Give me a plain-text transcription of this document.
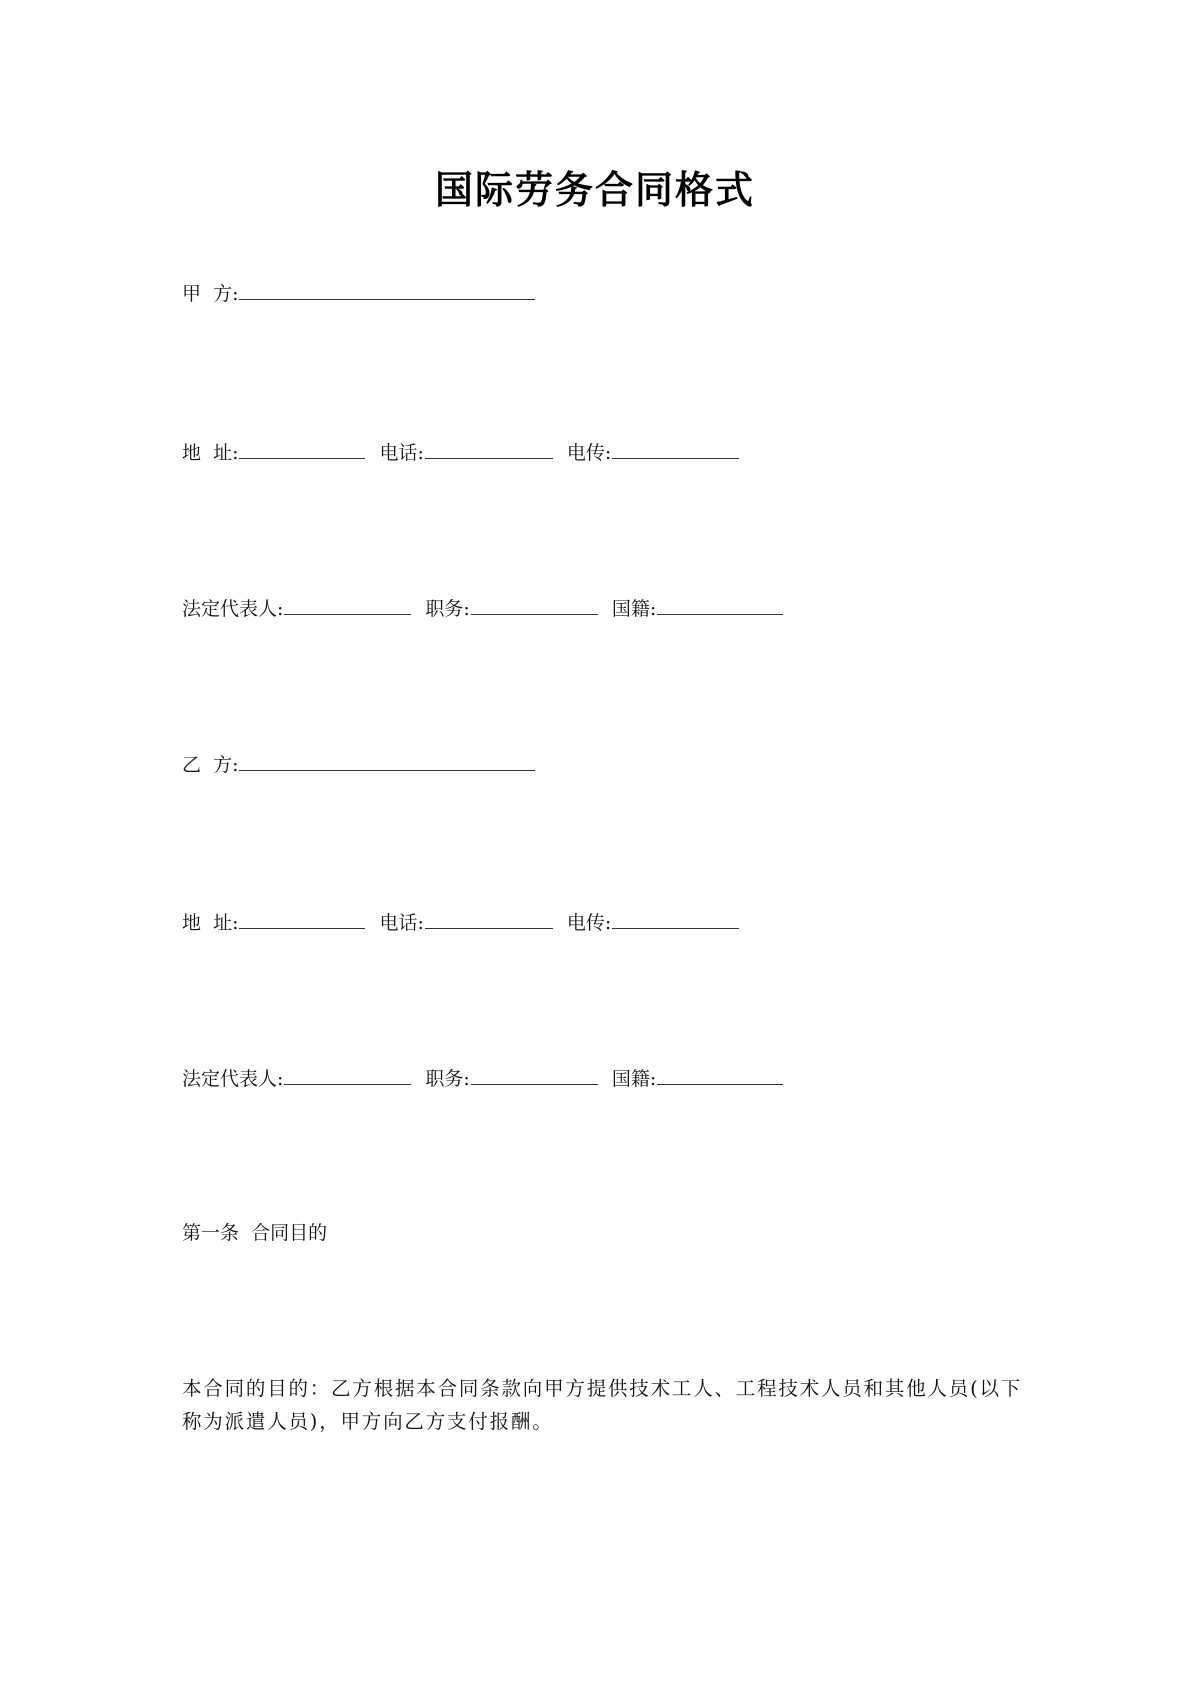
国际劳务合同格式
甲  方:
地  址:	电话:	电传:
法定代表人:	职务:	国籍:
乙  方:
地  址:	电话:	电传:
法定代表人:	职务:	国籍:
第一条  合同目的
本合同的目的：乙方根据本合同条款向甲方提供技术工人、工程技术人员和其他人员(以下
称为派遣人员)，甲方向乙方支付报酬。
